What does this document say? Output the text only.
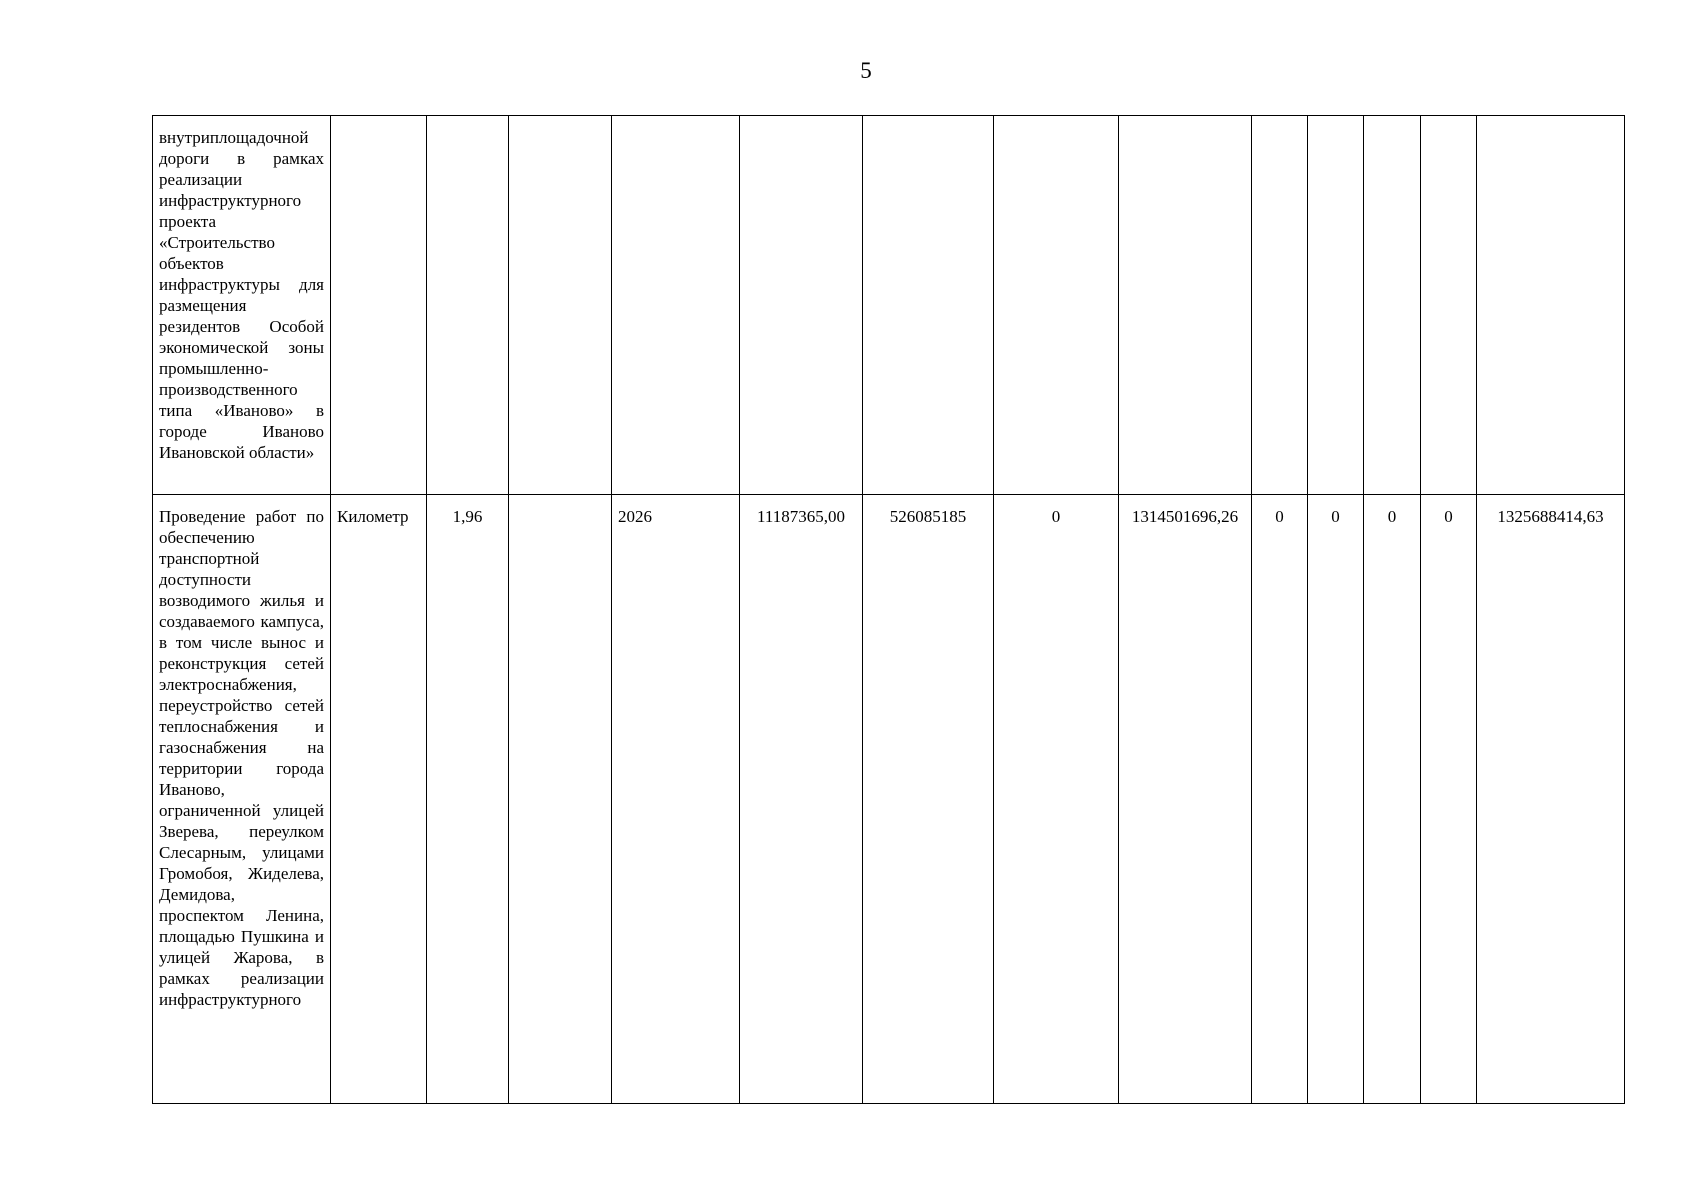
5
внутриплощадочной дороги в рамках реализации инфраструктурного проекта «Строительство объектов инфраструктуры для размещения резидентов Особой экономической зоны промышленно-производственного типа «Иваново» в городе Иваново Ивановской области»													

Проведение работ по обеспечению транспортной доступности возводимого жилья и создаваемого кампуса, в том числе вынос и реконструкция сетей электроснабжения, переустройство сетей теплоснабжения и газоснабжения на территории города Иваново, ограниченной улицей Зверева, переулком Слесарным, улицами Громобоя, Жиделева, Демидова, проспектом Ленина, площадью Пушкина и улицей Жарова, в рамках реализации инфраструктурного	Километр	1,96		2026	11187365,00	526085185	0	1314501696,26	0	0	0	0	1325688414,63
